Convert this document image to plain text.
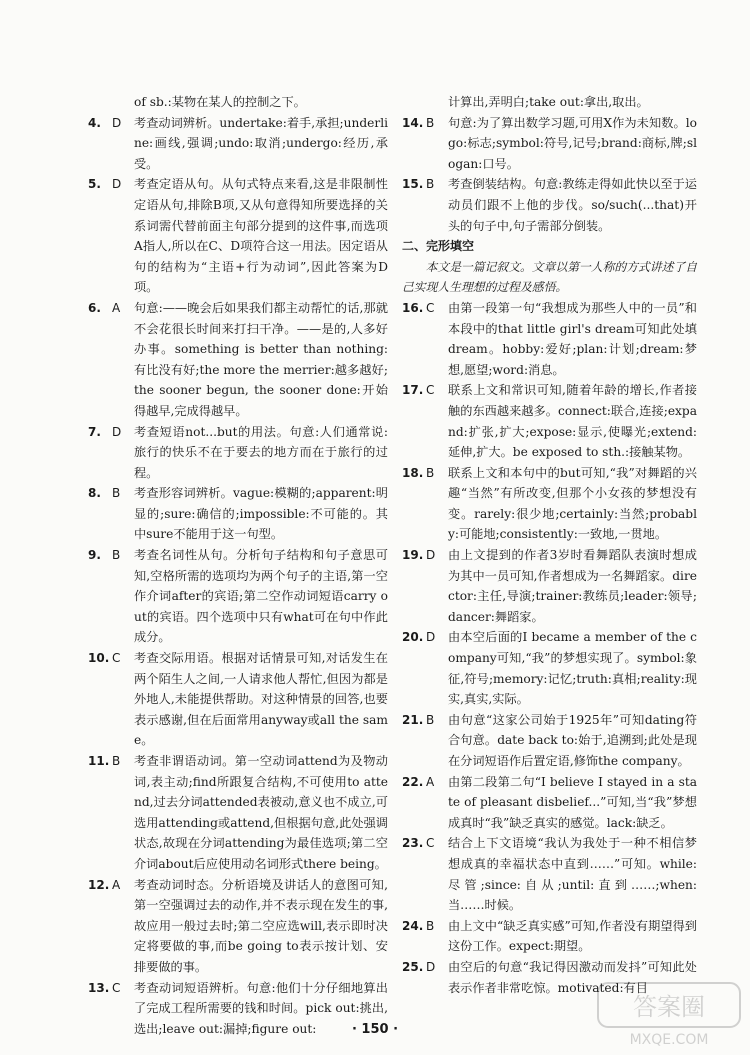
of sb.:某物在某人的控制之下。
4. D	考查动词辨析。undertake:着手,承担;underline:画线,强调;undo:取消;undergo:经历,承受。
5. D	考查定语从句。从句式特点来看,这是非限制性定语从句,排除B项,又从句意得知所要选择的关系词需代替前面主句部分提到的这件事,而选项A指人,所以在C、D项符合这一用法。因定语从句的结构为“主语+行为动词”,因此答案为D项。
6. A	句意:——晚会后如果我们都主动帮忙的话,那就不会花很长时间来打扫干净。——是的,人多好办事。something is better than nothing:有比没有好;the more the merrier:越多越好;the sooner begun, the sooner done:开始得越早,完成得越早。
7. D	考查短语not...but的用法。句意:人们通常说:旅行的快乐不在于要去的地方而在于旅行的过程。
8. B	考查形容词辨析。vague:模糊的;apparent:明显的;sure:确信的;impossible:不可能的。其中sure不能用于这一句型。
9. B	考查名词性从句。分析句子结构和句子意思可知,空格所需的选项均为两个句子的主语,第一空作介词after的宾语;第二空作动词短语carry out的宾语。四个选项中只有what可在句中作此成分。
10. C	考查交际用语。根据对话情景可知,对话发生在两个陌生人之间,一人请求他人帮忙,但因为都是外地人,未能提供帮助。对这种情景的回答,也要表示感谢,但在后面常用anyway或all the same。
11. B	考查非谓语动词。第一空动词attend为及物动词,表主动;find所跟复合结构,不可使用to attend,过去分词attended表被动,意义也不成立,可选用attending或attend,但根据句意,此处强调状态,故现在分词attending为最佳选项;第二空介词about后应使用动名词形式there being。
12. A	考查动词时态。分析语境及讲话人的意图可知,第一空强调过去的动作,并不表示现在发生的事,故应用一般过去时;第二空应选will,表示即时决定将要做的事,而be going to表示按计划、安排要做的事。
13. C	考查动词短语辨析。句意:他们十分仔细地算出了完成工程所需要的钱和时间。pick out:挑出,选出;leave out:漏掉;figure out:
计算出,弄明白;take out:拿出,取出。
14. B	句意:为了算出数学习题,可用X作为未知数。logo:标志;symbol:符号,记号;brand:商标,牌;slogan:口号。
15. B	考查倒装结构。句意:教练走得如此快以至于运动员们跟不上他的步伐。so/such(...that)开头的句子中,句子需部分倒装。
二、完形填空
本文是一篇记叙文。文章以第一人称的方式讲述了自己实现人生理想的过程及感悟。
16. C	由第一段第一句“我想成为那些人中的一员”和本段中的that little girl's dream可知此处填dream。hobby:爱好;plan:计划;dream:梦想,愿望;word:消息。
17. C	联系上文和常识可知,随着年龄的增长,作者接触的东西越来越多。connect:联合,连接;expand:扩张,扩大;expose:显示,使曝光;extend:延伸,扩大。be exposed to sth.:接触某物。
18. B	联系上文和本句中的but可知,“我”对舞蹈的兴趣“当然”有所改变,但那个小女孩的梦想没有变。rarely:很少地;certainly:当然;probably:可能地;consistently:一致地,一贯地。
19. D	由上文提到的作者3岁时看舞蹈队表演时想成为其中一员可知,作者想成为一名舞蹈家。director:主任,导演;trainer:教练员;leader:领导;dancer:舞蹈家。
20. D	由本空后面的I became a member of the company可知,“我”的梦想实现了。symbol:象征,符号;memory:记忆;truth:真相;reality:现实,真实,实际。
21. B	由句意“这家公司始于1925年”可知dating符合句意。date back to:始于,追溯到;此处是现在分词短语作后置定语,修饰the company。
22. A	由第二段第二句“I believe I stayed in a state of pleasant disbelief...”可知,当“我”梦想成真时“我”缺乏真实的感觉。lack:缺乏。
23. C	结合上下文语境“我认为我处于一种不相信梦想成真的幸福状态中直到……”可知。while:尽管;since:自从;until:直到……;when:当……时候。
24. B	由上文中“缺乏真实感”可知,作者没有期望得到这份工作。expect:期望。
25. D	由空后的句意“我记得因激动而发抖”可知此处表示作者非常吃惊。motivated:有目
· 150 ·
答案圈
MXQE.COM
